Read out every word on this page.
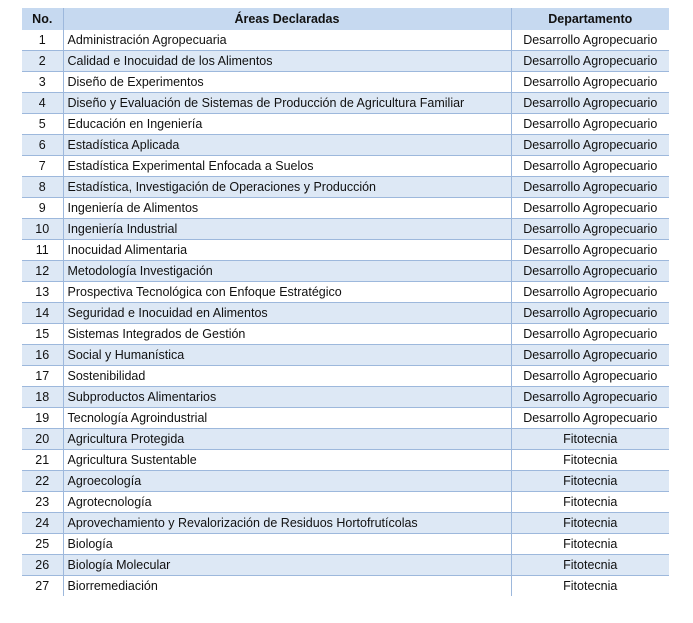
No.	Áreas Declaradas	Departamento
1	Administración Agropecuaria	Desarrollo Agropecuario
2	Calidad e Inocuidad de los Alimentos	Desarrollo Agropecuario
3	Diseño de Experimentos	Desarrollo Agropecuario
4	Diseño y Evaluación de Sistemas de Producción de Agricultura Familiar	Desarrollo Agropecuario
5	Educación en Ingeniería	Desarrollo Agropecuario
6	Estadística Aplicada	Desarrollo Agropecuario
7	Estadística Experimental Enfocada a Suelos	Desarrollo Agropecuario
8	Estadística, Investigación de Operaciones y Producción	Desarrollo Agropecuario
9	Ingeniería de Alimentos	Desarrollo Agropecuario
10	Ingeniería Industrial	Desarrollo Agropecuario
11	Inocuidad Alimentaria	Desarrollo Agropecuario
12	Metodología Investigación	Desarrollo Agropecuario
13	Prospectiva Tecnológica con Enfoque Estratégico	Desarrollo Agropecuario
14	Seguridad e Inocuidad en Alimentos	Desarrollo Agropecuario
15	Sistemas Integrados de Gestión	Desarrollo Agropecuario
16	Social y Humanística	Desarrollo Agropecuario
17	Sostenibilidad	Desarrollo Agropecuario
18	Subproductos Alimentarios	Desarrollo Agropecuario
19	Tecnología Agroindustrial	Desarrollo Agropecuario
20	Agricultura Protegida	Fitotecnia
21	Agricultura Sustentable	Fitotecnia
22	Agroecología	Fitotecnia
23	Agrotecnología	Fitotecnia
24	Aprovechamiento y Revalorización de Residuos Hortofrutícolas	Fitotecnia
25	Biología	Fitotecnia
26	Biología Molecular	Fitotecnia
27	Biorremediación	Fitotecnia
